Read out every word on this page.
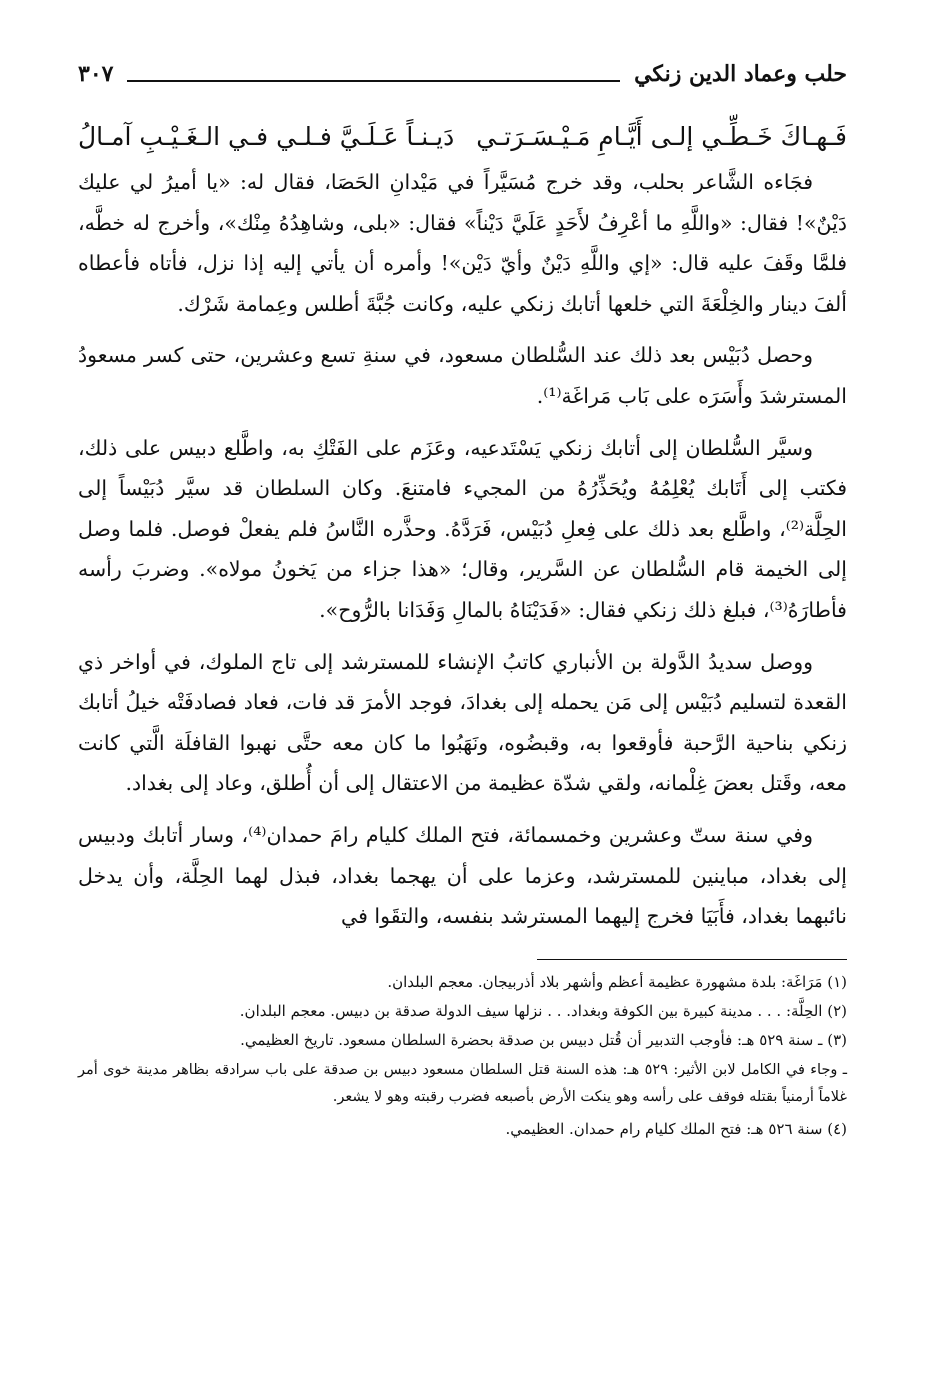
حلب وعماد الدين زنكي
٣٠٧
فَـهـاكَ خَـطِّـي إلـى أَيَّـامِ مَـيْـسَـرَتـي
دَيـنـاً عَـلَـيَّ فـلـي فـي الـغَـيْـبِ آمـالُ

فجَاءه الشَّاعر بحلب، وقد خرج مُسَيَّراً في مَيْدانِ الحَصَا، فقال له: «يا أميرُ لي عليك دَيْنٌ»! فقال: «واللَّهِ ما أعْرِفُ لأَحَدٍ عَلَيَّ دَيْناً» فقال: «بلى، وشاهِدُهُ مِنْك»، وأخرج له خطَّه، فلمَّا وقَفَ عليه قال: «إي واللَّهِ دَيْنٌ وأيّ دَيْن»! وأمره أن يأتي إليه إذا نزل، فأتاه فأعطاه ألفَ دينار والخِلْعَةَ التي خلعها أتابك زنكي عليه، وكانت جُبَّةَ أطلس وعِمامة شَرْك.

وحصل دُبَيْس بعد ذلك عند السُّلطان مسعود، في سنةِ تسع وعشرين، حتى كسر مسعودُ المسترشدَ وأَسَرَه على بَاب مَراغَة⁽¹⁾.

وسيَّر السُّلطان إلى أتابك زنكي يَسْتَدعيه، وعَزَم على الفَتْكِ به، واطَّلع دبيس على ذلك، فكتب إلى أَتَابك يُعْلِمُهُ ويُحَذِّرُهُ من المجيء فامتنعَ. وكان السلطان قد سيَّر دُبَيْساً إلى الحِلَّة⁽²⁾، واطَّلع بعد ذلك على فِعلِ دُبَيْس، فَرَدَّهُ. وحذَّره النَّاسُ فلم يفعلْ فوصل. فلما وصل إلى الخيمة قام السُّلطان عن السَّرير، وقال؛ «هذا جزاء من يَخونُ مولاه». وضربَ رأسه فأطارَهُ⁽³⁾، فبلغ ذلك زنكي فقال: «فَدَيْنَاهُ بالمالِ وَفَدَانا بالرُّوح».

ووصل سديدُ الدَّولة بن الأنباري كاتبُ الإنشاء للمسترشد إلى تاج الملوك، في أواخر ذي القعدة لتسليم دُبَيْس إلى مَن يحمله إلى بغدادَ، فوجد الأمرَ قد فات، فعاد فصادفَتْه خيلُ أتابك زنكي بناحية الرَّحبة فأوقعوا به، وقبضُوه، ونَهَبُوا ما كان معه حتَّى نهبوا القافلَة الَّتي كانت معه، وقَتل بعضَ غِلْمانه، ولقي شدّة عظيمة من الاعتقال إلى أن أُطلق، وعاد إلى بغداد.

وفي سنة ستّ وعشرين وخمسمائة، فتح الملك كليام رامَ حمدان⁽⁴⁾، وسار أتابك ودبيس إلى بغداد، مباينين للمسترشد، وعزما على أن يهجما بغداد، فبذل لهما الحِلَّة، وأن يدخل نائبهما بغداد، فأَبَيَا فخرج إليهما المسترشد بنفسه، والتقَوا في

(١) مَرَاغَة: بلدة مشهورة عظيمة أعظم وأشهر بلاد أذربيجان. معجم البلدان.

(٢) الحِلَّة: . . . مدينة كبيرة بين الكوفة وبغداد. . . نزلها سيف الدولة صدقة بن دبيس. معجم البلدان.

(٣) ـ سنة ٥٢٩ هـ: فأوجب التدبير أن قُتل دبيس بن صدقة بحضرة السلطان مسعود. تاريخ العظيمي.

ـ وجاء في الكامل لابن الأثير: ٥٢٩ هـ: هذه السنة قتل السلطان مسعود دبيس بن صدقة على باب سرادقه بظاهر مدينة خوى أمر غلاماً أرمنياً بقتله فوقف على رأسه وهو ينكت الأرض بأصبعه فضرب رقبته وهو لا يشعر.

(٤) سنة ٥٢٦ هـ: فتح الملك كليام رام حمدان. العظيمي.
